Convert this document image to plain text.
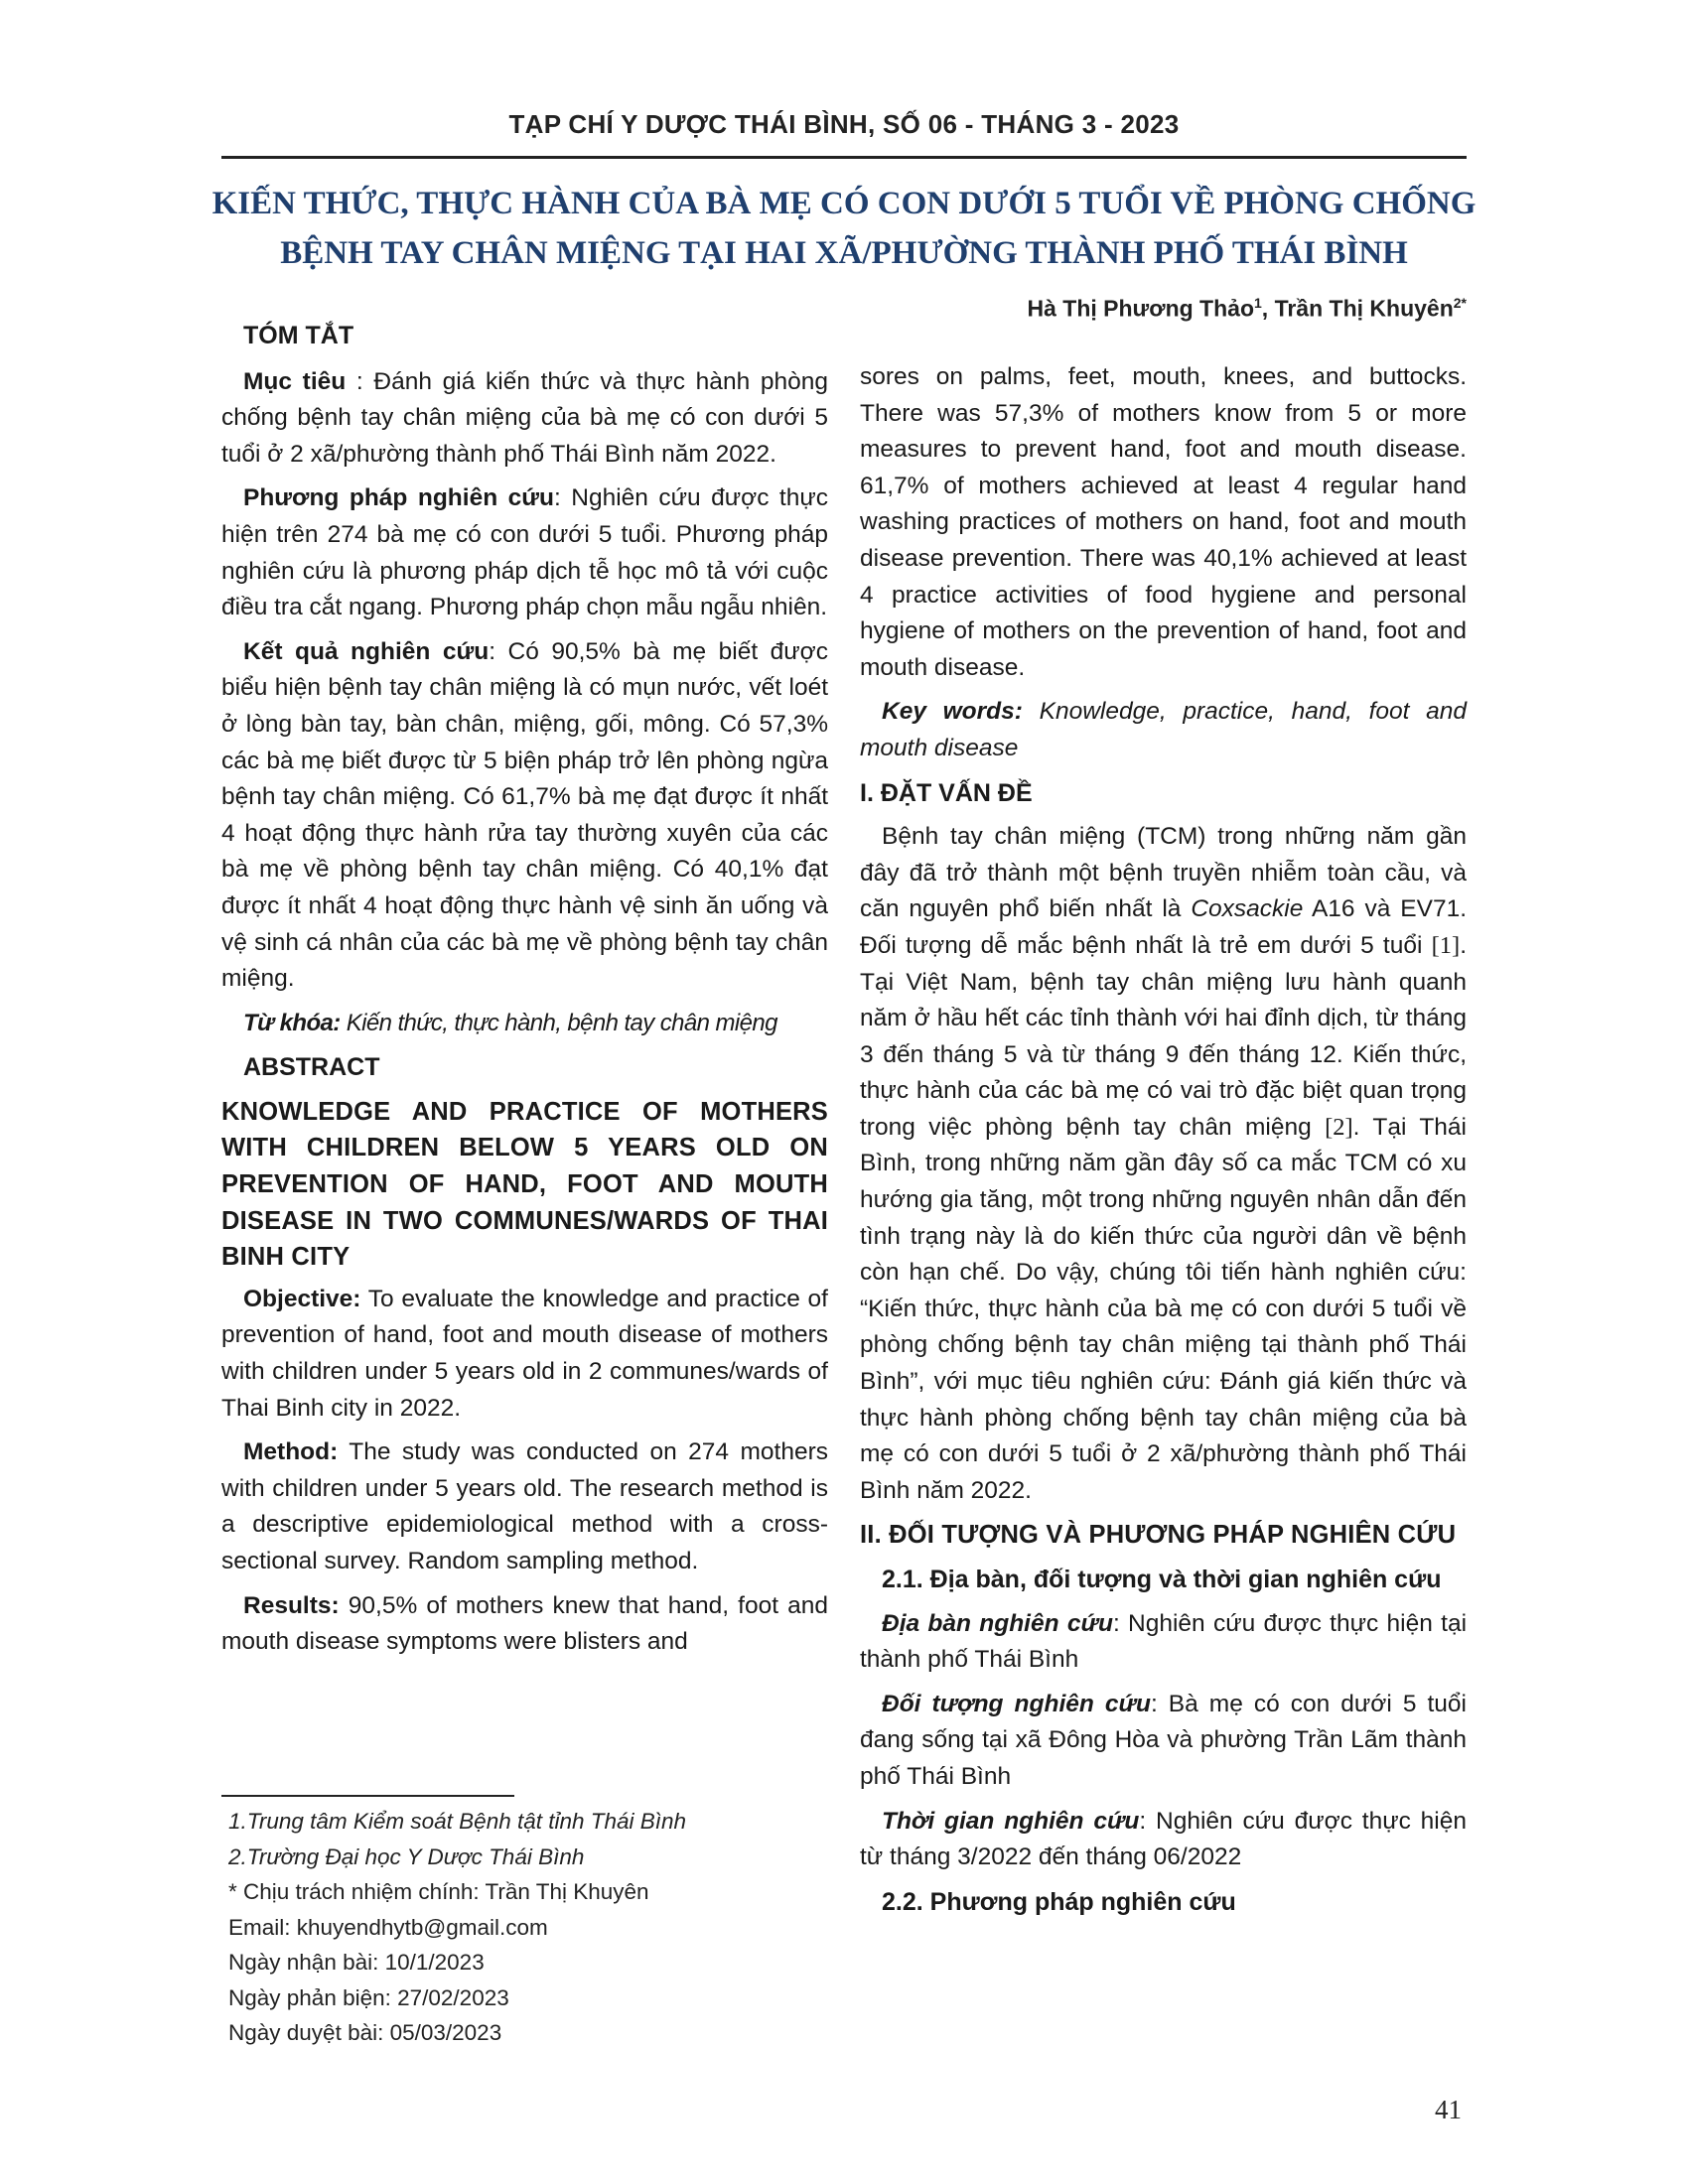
TẠP CHÍ Y DƯỢC THÁI BÌNH, SỐ 06 - THÁNG 3 - 2023
KIẾN THỨC, THỰC HÀNH CỦA BÀ MẸ CÓ CON DƯỚI 5 TUỔI VỀ PHÒNG CHỐNG
BỆNH TAY CHÂN MIỆNG TẠI HAI XÃ/PHƯỜNG THÀNH PHỐ THÁI BÌNH
Hà Thị Phương Thảo$^1$, Trần Thị Khuyên$^{2*}$
TÓM TẮT

Mục tiêu : Đánh giá kiến thức và thực hành phòng chống bệnh tay chân miệng của bà mẹ có con dưới 5 tuổi ở 2 xã/phường thành phố Thái Bình năm 2022.

Phương pháp nghiên cứu: Nghiên cứu được thực hiện trên 274 bà mẹ có con dưới 5 tuổi. Phương pháp nghiên cứu là phương pháp dịch tễ học mô tả với cuộc điều tra cắt ngang. Phương pháp chọn mẫu ngẫu nhiên.

Kết quả nghiên cứu: Có 90,5% bà mẹ biết được biểu hiện bệnh tay chân miệng là có mụn nước, vết loét ở lòng bàn tay, bàn chân, miệng, gối, mông. Có 57,3% các bà mẹ biết được từ 5 biện pháp trở lên phòng ngừa bệnh tay chân miệng. Có 61,7% bà mẹ đạt được ít nhất 4 hoạt động thực hành rửa tay thường xuyên của các bà mẹ về phòng bệnh tay chân miệng. Có 40,1% đạt được ít nhất 4 hoạt động thực hành vệ sinh ăn uống và vệ sinh cá nhân của các bà mẹ về phòng bệnh tay chân miệng.

Từ khóa: Kiến thức, thực hành, bệnh tay chân miệng

ABSTRACT
KNOWLEDGE AND PRACTICE OF MOTHERS WITH CHILDREN BELOW 5 YEARS OLD ON PREVENTION OF HAND, FOOT AND MOUTH DISEASE IN TWO COMMUNES/WARDS OF THAI BINH CITY

Objective: To evaluate the knowledge and practice of prevention of hand, foot and mouth disease of mothers with children under 5 years old in 2 communes/wards of Thai Binh city in 2022.

Method: The study was conducted on 274 mothers with children under 5 years old. The research method is a descriptive epidemiological method with a cross-sectional survey. Random sampling method.

Results: 90,5% of mothers knew that hand, foot and mouth disease symptoms were blisters and

sores on palms, feet, mouth, knees, and buttocks. There was 57,3% of mothers know from 5 or more measures to prevent hand, foot and mouth disease. 61,7% of mothers achieved at least 4 regular hand washing practices of mothers on hand, foot and mouth disease prevention. There was 40,1% achieved at least 4 practice activities of food hygiene and personal hygiene of mothers on the prevention of hand, foot and mouth disease.

Key words: Knowledge, practice, hand, foot and mouth disease

I. ĐẶT VẤN ĐỀ

Bệnh tay chân miệng (TCM) trong những năm gần đây đã trở thành một bệnh truyền nhiễm toàn cầu, và căn nguyên phổ biến nhất là Coxsackie A16 và EV71. Đối tượng dễ mắc bệnh nhất là trẻ em dưới 5 tuổi [1]. Tại Việt Nam, bệnh tay chân miệng lưu hành quanh năm ở hầu hết các tỉnh thành với hai đỉnh dịch, từ tháng 3 đến tháng 5 và từ tháng 9 đến tháng 12. Kiến thức, thực hành của các bà mẹ có vai trò đặc biệt quan trọng trong việc phòng bệnh tay chân miệng [2]. Tại Thái Bình, trong những năm gần đây số ca mắc TCM có xu hướng gia tăng, một trong những nguyên nhân dẫn đến tình trạng này là do kiến thức của người dân về bệnh còn hạn chế. Do vậy, chúng tôi tiến hành nghiên cứu: “Kiến thức, thực hành của bà mẹ có con dưới 5 tuổi về phòng chống bệnh tay chân miệng tại thành phố Thái Bình”, với mục tiêu nghiên cứu: Đánh giá kiến thức và thực hành phòng chống bệnh tay chân miệng của bà mẹ có con dưới 5 tuổi ở 2 xã/phường thành phố Thái Bình năm 2022.

II. ĐỐI TƯỢNG VÀ PHƯƠNG PHÁP NGHIÊN CỨU
2.1. Địa bàn, đối tượng và thời gian nghiên cứu

Địa bàn nghiên cứu: Nghiên cứu được thực hiện tại thành phố Thái Bình

Đối tượng nghiên cứu: Bà mẹ có con dưới 5 tuổi đang sống tại xã Đông Hòa và phường Trần Lãm thành phố Thái Bình

Thời gian nghiên cứu: Nghiên cứu được thực hiện từ tháng 3/2022 đến tháng 06/2022

2.2. Phương pháp nghiên cứu
1.Trung tâm Kiểm soát Bệnh tật tỉnh Thái Bình
2.Trường Đại học Y Dược Thái Bình
* Chịu trách nhiệm chính: Trần Thị Khuyên
Email: khuyendhytb@gmail.com
Ngày nhận bài: 10/1/2023
Ngày phản biện: 27/02/2023
Ngày duyệt bài: 05/03/2023
41
